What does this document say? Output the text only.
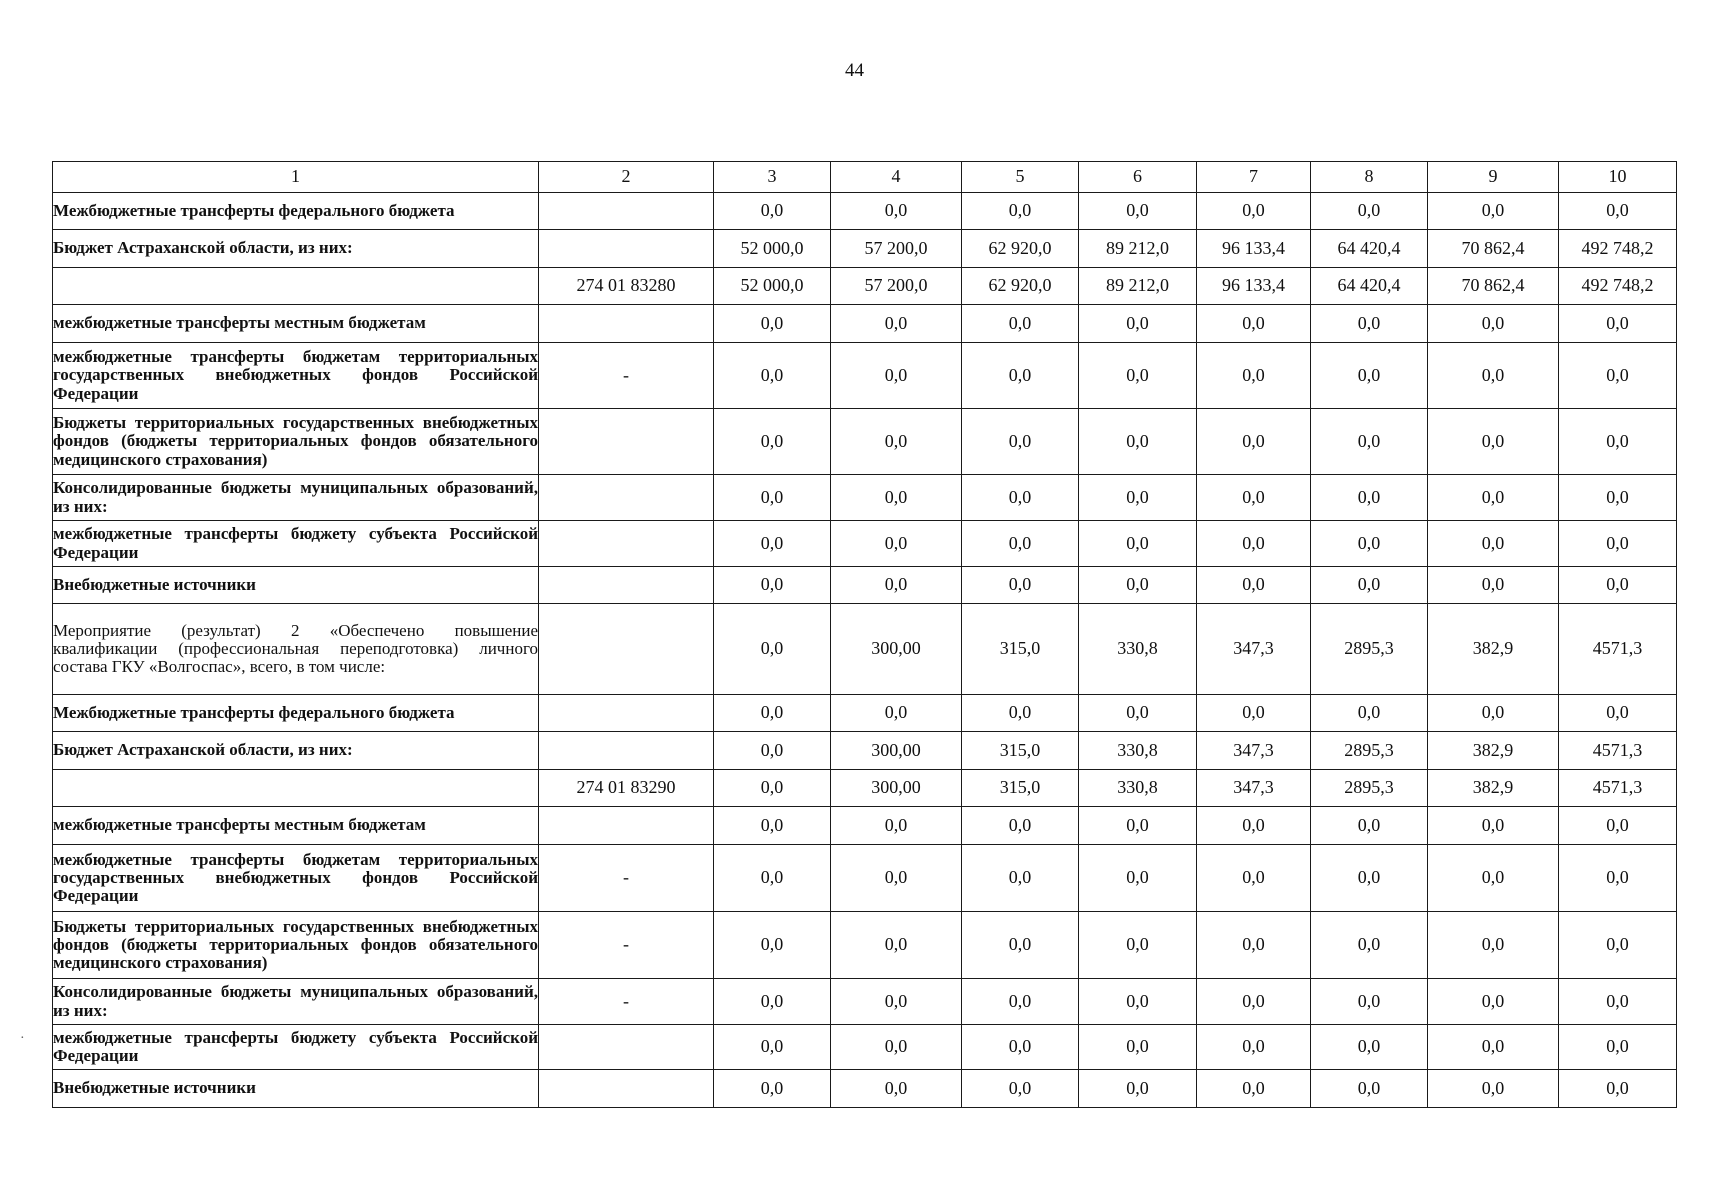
44
1	2	3	4	5	6	7	8	9	10
Межбюджетные трансферты федерального бюджета		0,0	0,0	0,0	0,0	0,0	0,0	0,0	0,0
Бюджет Астраханской области, из них:		52 000,0	57 200,0	62 920,0	89 212,0	96 133,4	64 420,4	70 862,4	492 748,2
	274 01 83280	52 000,0	57 200,0	62 920,0	89 212,0	96 133,4	64 420,4	70 862,4	492 748,2
межбюджетные трансферты местным бюджетам		0,0	0,0	0,0	0,0	0,0	0,0	0,0	0,0
межбюджетные трансферты бюджетам территориальных государственных внебюджетных фондов Российской Федерации	-	0,0	0,0	0,0	0,0	0,0	0,0	0,0	0,0
Бюджеты территориальных государственных внебюджетных фондов (бюджеты территориальных фондов обязательного медицинского страхования)		0,0	0,0	0,0	0,0	0,0	0,0	0,0	0,0
Консолидированные бюджеты муниципальных образований, из них:		0,0	0,0	0,0	0,0	0,0	0,0	0,0	0,0
межбюджетные трансферты бюджету субъекта Российской Федерации		0,0	0,0	0,0	0,0	0,0	0,0	0,0	0,0
Внебюджетные источники		0,0	0,0	0,0	0,0	0,0	0,0	0,0	0,0
Мероприятие (результат) 2 «Обеспечено повышение квалификации (профессиональная переподготовка) личного состава ГКУ «Волгоспас», всего, в том числе:		0,0	300,00	315,0	330,8	347,3	2895,3	382,9	4571,3
Межбюджетные трансферты федерального бюджета		0,0	0,0	0,0	0,0	0,0	0,0	0,0	0,0
Бюджет Астраханской области, из них:		0,0	300,00	315,0	330,8	347,3	2895,3	382,9	4571,3
	274 01 83290	0,0	300,00	315,0	330,8	347,3	2895,3	382,9	4571,3
межбюджетные трансферты местным бюджетам		0,0	0,0	0,0	0,0	0,0	0,0	0,0	0,0
межбюджетные трансферты бюджетам территориальных государственных внебюджетных фондов Российской Федерации	-	0,0	0,0	0,0	0,0	0,0	0,0	0,0	0,0
Бюджеты территориальных государственных внебюджетных фондов (бюджеты территориальных фондов обязательного медицинского страхования)	-	0,0	0,0	0,0	0,0	0,0	0,0	0,0	0,0
Консолидированные бюджеты муниципальных образований, из них:	-	0,0	0,0	0,0	0,0	0,0	0,0	0,0	0,0
межбюджетные трансферты бюджету субъекта Российской Федерации		0,0	0,0	0,0	0,0	0,0	0,0	0,0	0,0
Внебюджетные источники		0,0	0,0	0,0	0,0	0,0	0,0	0,0	0,0
·
